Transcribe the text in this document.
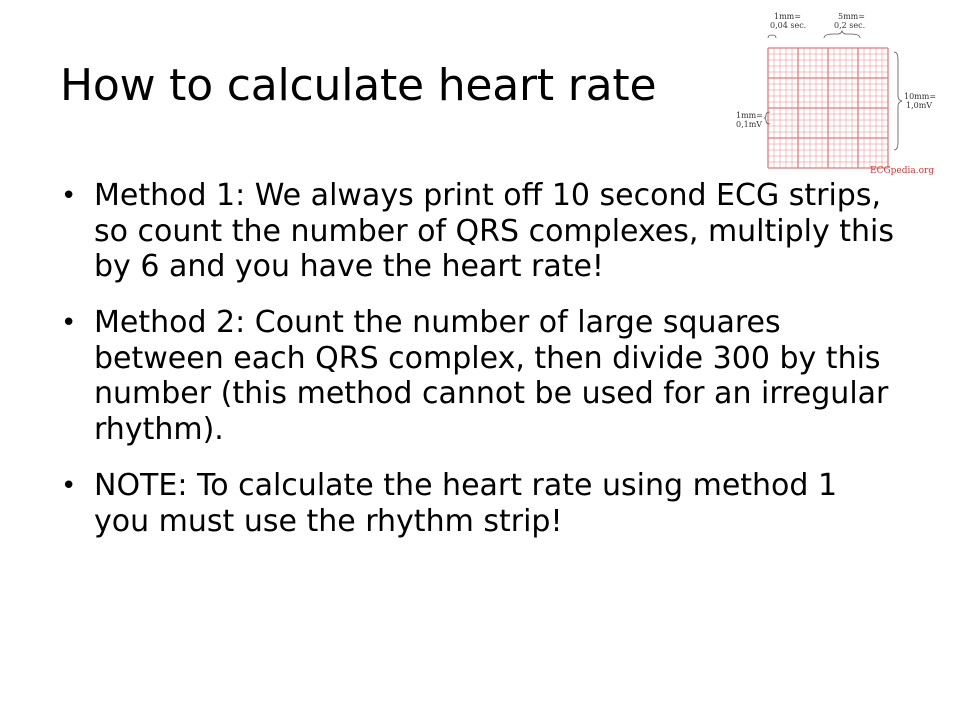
How to calculate heart rate
• Method 1: We always print off 10 second ECG strips, so count the number of QRS complexes, multiply this by 6 and you have the heart rate!
• Method 2: Count the number of large squares between each QRS complex, then divide 300 by this number (this method cannot be used for an irregular rhythm).
• NOTE: To calculate the heart rate using method 1 you must use the rhythm strip!
1mm=
0,04 sec.
5mm=
0,2 sec.
10mm=
1,0mV
1mm=
0,1mV
ECGpedia.org
